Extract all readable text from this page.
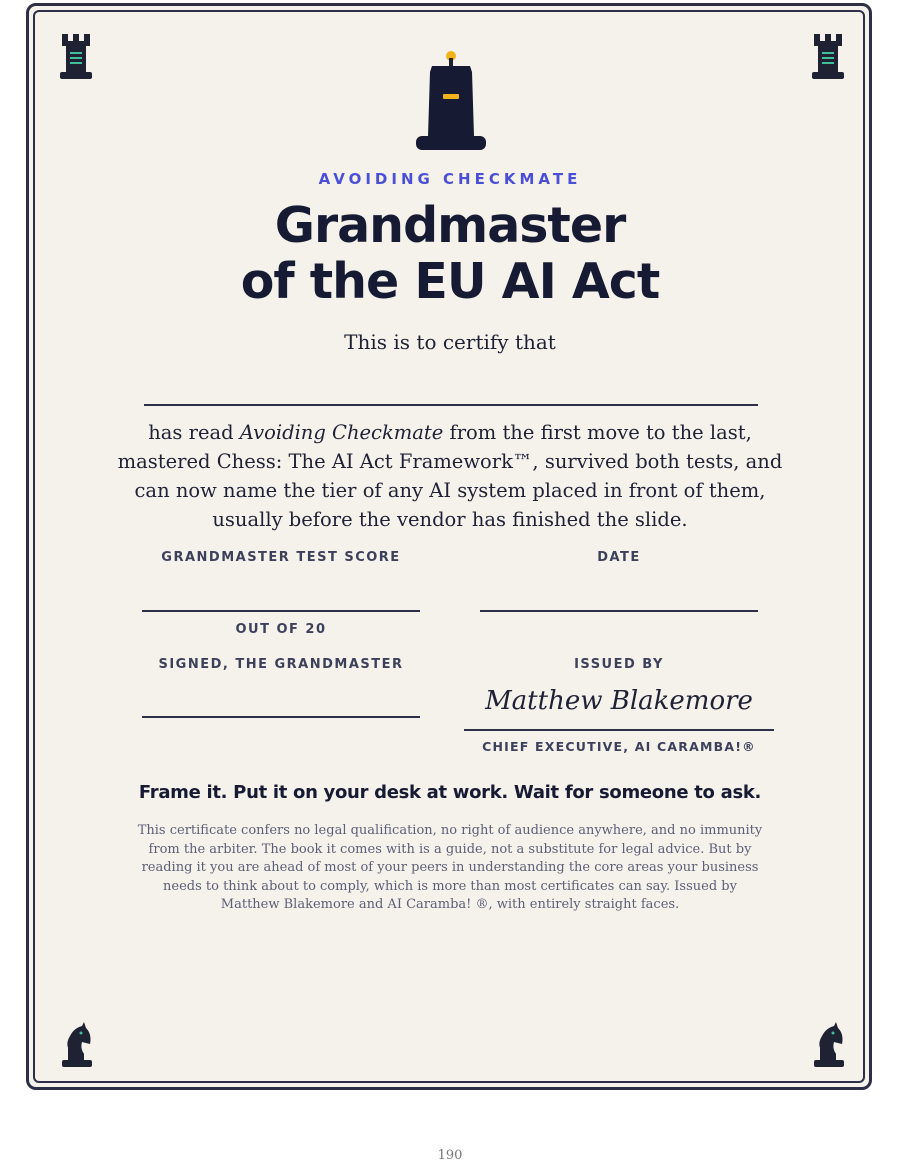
AVOIDING CHECKMATE
Grandmaster
of the EU AI Act
This is to certify that
has read Avoiding Checkmate from the first move to the last, mastered Chess: The AI Act Framework™, survived both tests, and can now name the tier of any AI system placed in front of them, usually before the vendor has finished the slide.
GRANDMASTER TEST SCORE	DATE
OUT OF 20
SIGNED, THE GRANDMASTER	ISSUED BY
Matthew Blakemore
CHIEF EXECUTIVE, AI CARAMBA!®
Frame it. Put it on your desk at work. Wait for someone to ask.
This certificate confers no legal qualification, no right of audience anywhere, and no immunity from the arbiter. The book it comes with is a guide, not a substitute for legal advice. But by reading it you are ahead of most of your peers in understanding the core areas your business needs to think about to comply, which is more than most certificates can say. Issued by Matthew Blakemore and AI Caramba! ®, with entirely straight faces.
190
